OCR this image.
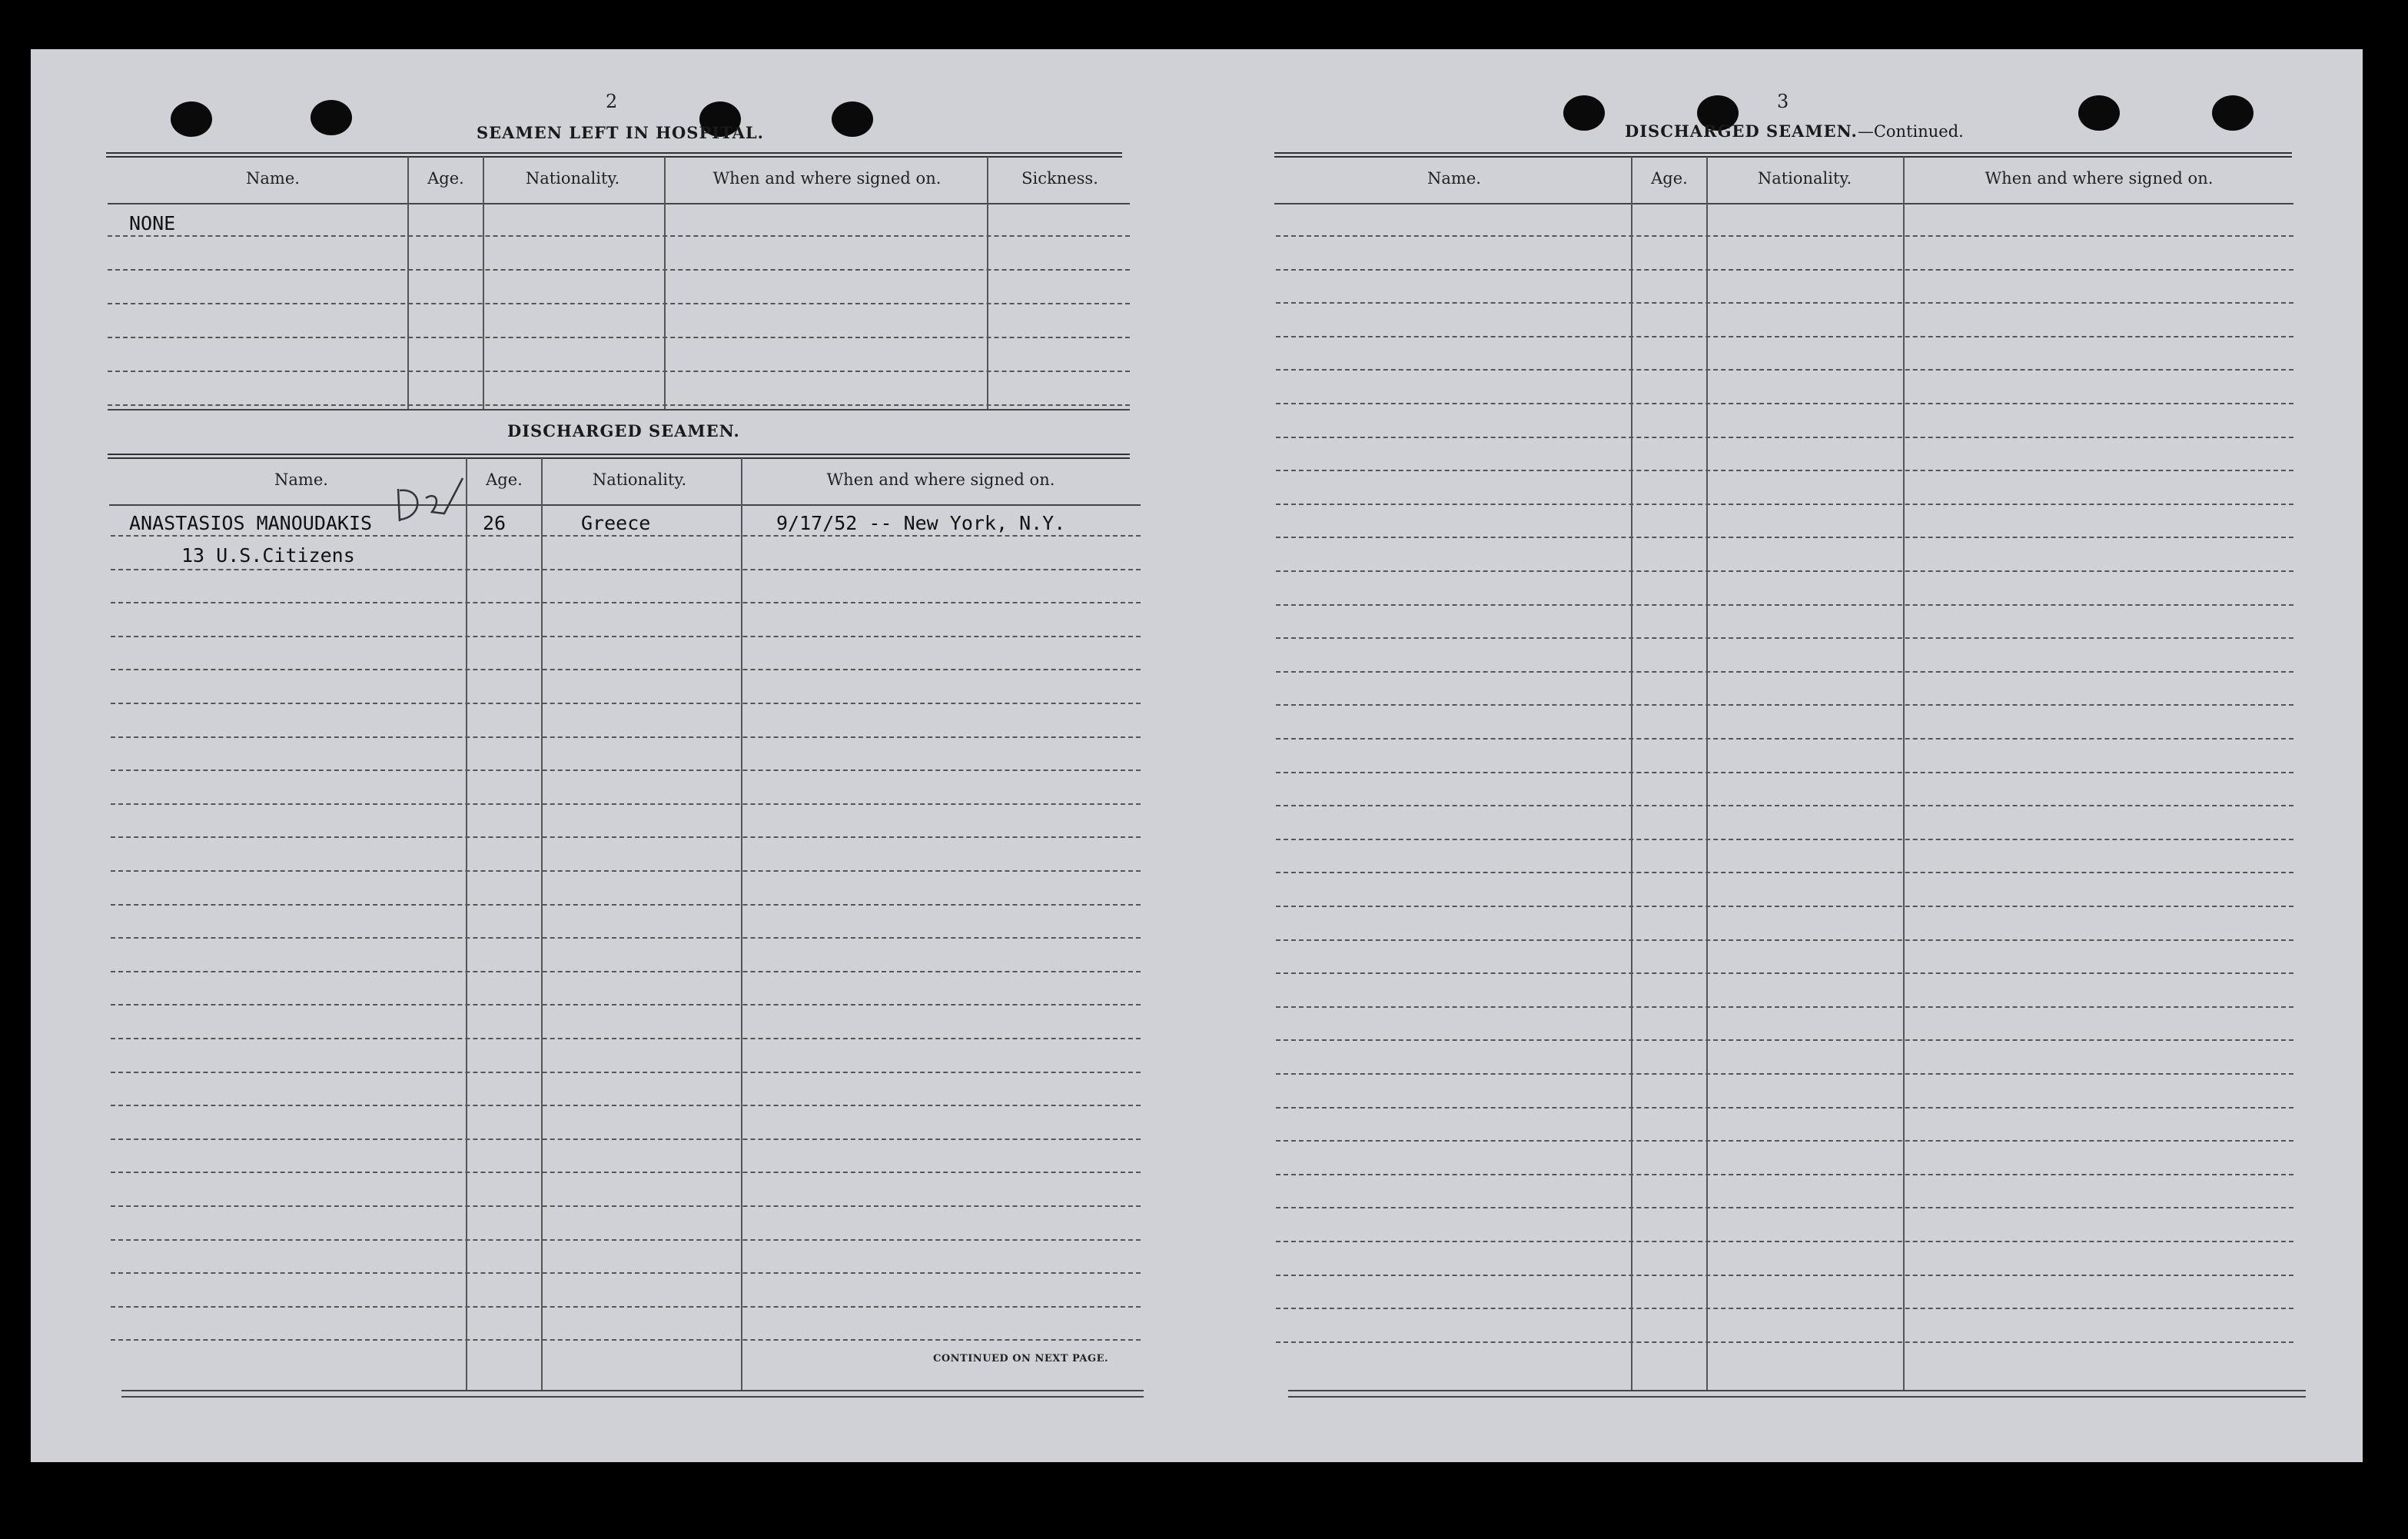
2
SEAMEN LEFT IN HOSPITAL.
Name.	Age.	Nationality.	When and where signed on.	Sickness.
NONE
DISCHARGED SEAMEN.
Name.	Age.	Nationality.	When and where signed on.
ANASTASIOS MANOUDAKIS	26	Greece	9/17/52 -- New York, N.Y.
13 U.S.Citizens
CONTINUED ON NEXT PAGE.
3
DISCHARGED SEAMEN.—Continued.
Name.	Age.	Nationality.	When and where signed on.
